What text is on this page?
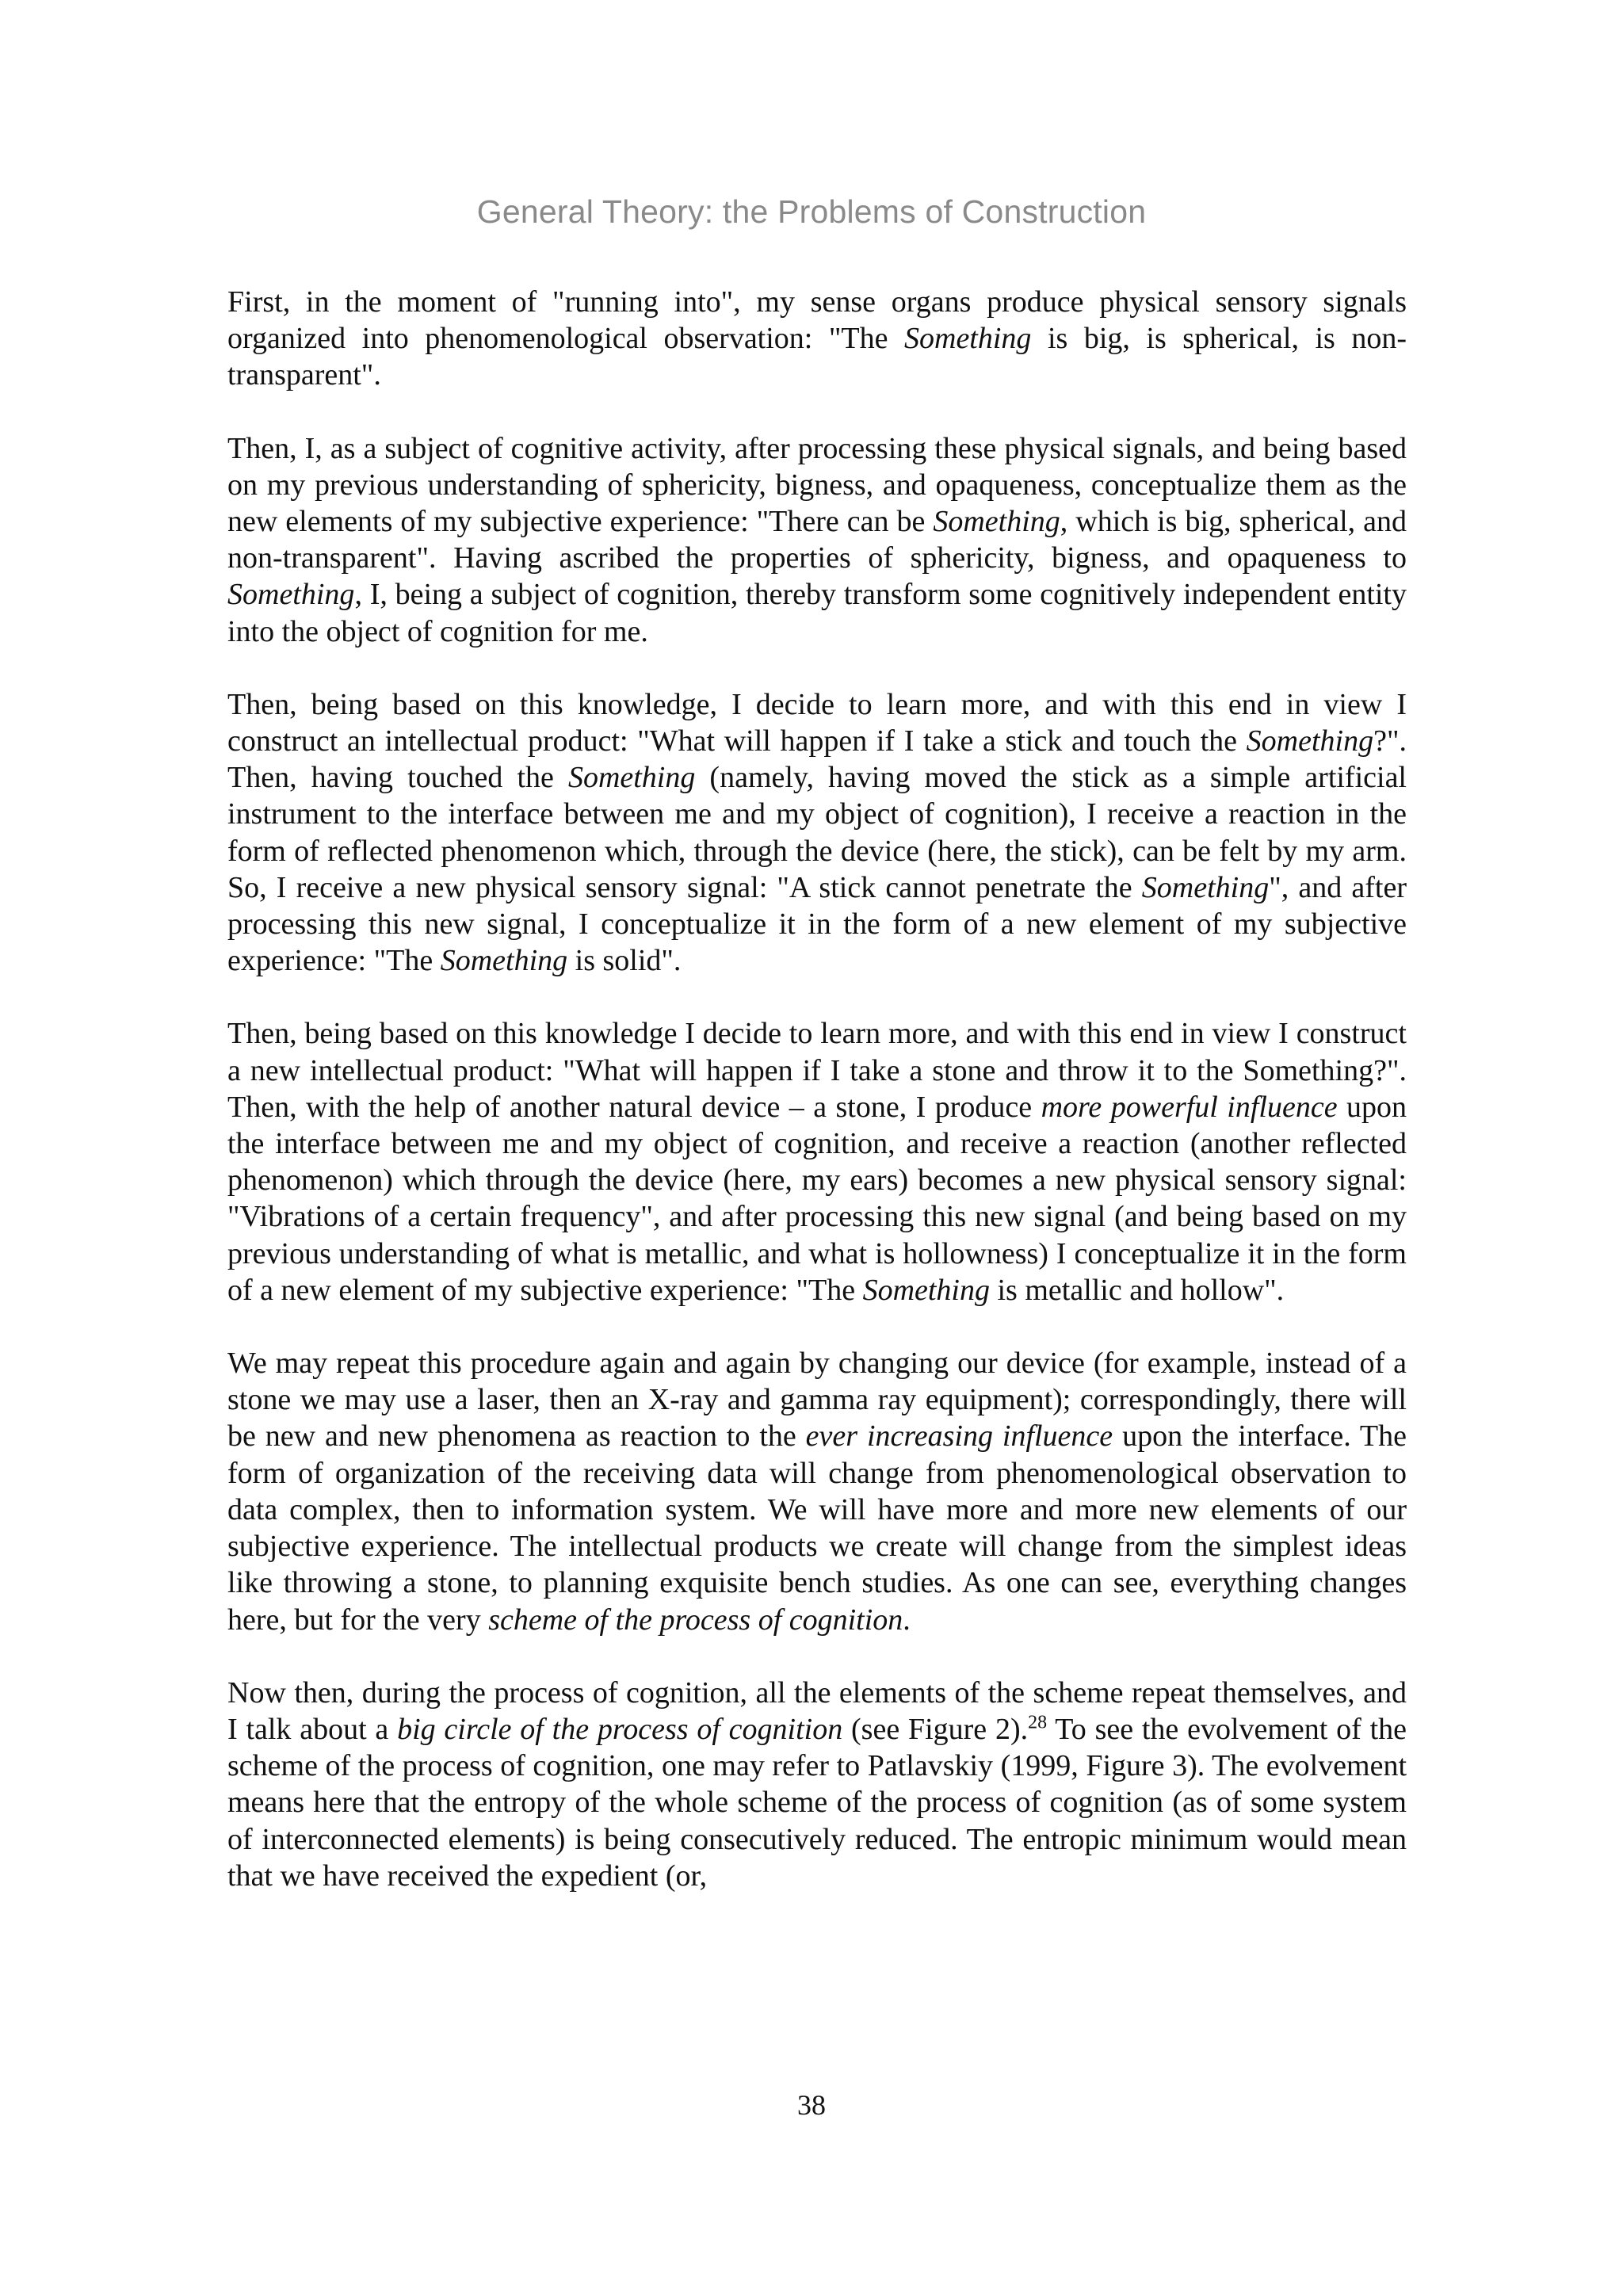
General Theory: the Problems of Construction

First, in the moment of "running into", my sense organs produce physical sensory signals organized into phenomenological observation: "The Something is big, is spherical, is non-transparent".

Then, I, as a subject of cognitive activity, after processing these physical signals, and being based on my previous understanding of sphericity, bigness, and opaqueness, conceptualize them as the new elements of my subjective experience: "There can be Something, which is big, spherical, and non-transparent". Having ascribed the properties of sphericity, bigness, and opaqueness to Something, I, being a subject of cognition, thereby transform some cognitively independent entity into the object of cognition for me.

Then, being based on this knowledge, I decide to learn more, and with this end in view I construct an intellectual product: "What will happen if I take a stick and touch the Something?". Then, having touched the Something (namely, having moved the stick as a simple artificial instrument to the interface between me and my object of cognition), I receive a reaction in the form of reflected phenomenon which, through the device (here, the stick), can be felt by my arm. So, I receive a new physical sensory signal: "A stick cannot penetrate the Something", and after processing this new signal, I conceptualize it in the form of a new element of my subjective experience: "The Something is solid".

Then, being based on this knowledge I decide to learn more, and with this end in view I construct a new intellectual product: "What will happen if I take a stone and throw it to the Something?". Then, with the help of another natural device – a stone, I produce more powerful influence upon the interface between me and my object of cognition, and receive a reaction (another reflected phenomenon) which through the device (here, my ears) becomes a new physical sensory signal: "Vibrations of a certain frequency", and after processing this new signal (and being based on my previous understanding of what is metallic, and what is hollowness) I conceptualize it in the form of a new element of my subjective experience: "The Something is metallic and hollow".

We may repeat this procedure again and again by changing our device (for example, instead of a stone we may use a laser, then an X-ray and gamma ray equipment); correspondingly, there will be new and new phenomena as reaction to the ever increasing influence upon the interface. The form of organization of the receiving data will change from phenomenological observation to data complex, then to information system. We will have more and more new elements of our subjective experience. The intellectual products we create will change from the simplest ideas like throwing a stone, to planning exquisite bench studies. As one can see, everything changes here, but for the very scheme of the process of cognition.

Now then, during the process of cognition, all the elements of the scheme repeat themselves, and I talk about a big circle of the process of cognition (see Figure 2).$^{28}$ To see the evolvement of the scheme of the process of cognition, one may refer to Patlavskiy (1999, Figure 3). The evolvement means here that the entropy of the whole scheme of the process of cognition (as of some system of interconnected elements) is being consecutively reduced. The entropic minimum would mean that we have received the expedient (or,

38
